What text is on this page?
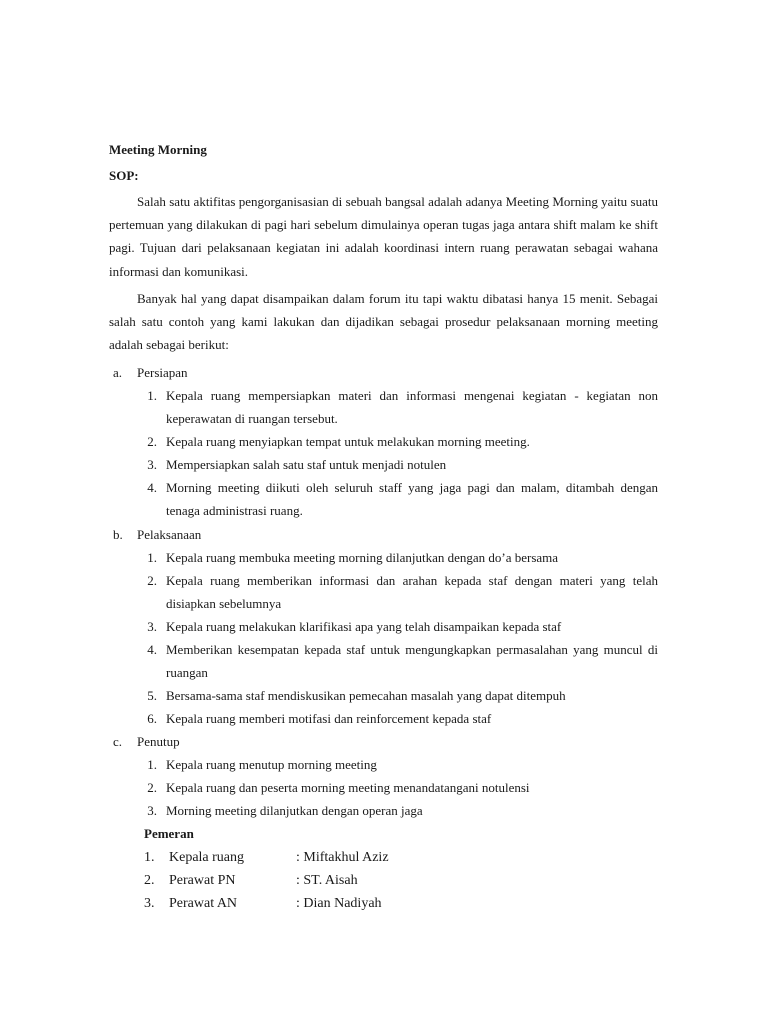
Meeting Morning
SOP:

Salah satu aktifitas pengorganisasian di sebuah bangsal adalah adanya Meeting Morning yaitu suatu pertemuan yang dilakukan di pagi hari sebelum dimulainya operan tugas jaga antara shift malam ke shift pagi. Tujuan dari pelaksanaan kegiatan ini adalah koordinasi intern ruang perawatan sebagai wahana informasi dan komunikasi.

Banyak hal yang dapat disampaikan dalam forum itu tapi waktu dibatasi hanya 15 menit. Sebagai salah satu contoh yang kami lakukan dan dijadikan sebagai prosedur pelaksanaan morning meeting adalah sebagai berikut:

a. Persiapan
1. Kepala ruang mempersiapkan materi dan informasi mengenai kegiatan - kegiatan non keperawatan di ruangan tersebut.
2. Kepala ruang menyiapkan tempat untuk melakukan morning meeting.
3. Mempersiapkan salah satu staf untuk menjadi notulen
4. Morning meeting diikuti oleh seluruh staff yang jaga pagi dan malam, ditambah dengan tenaga administrasi ruang.
b. Pelaksanaan
1. Kepala ruang membuka meeting morning dilanjutkan dengan do’a bersama
2. Kepala ruang memberikan informasi dan arahan kepada staf dengan materi yang telah disiapkan sebelumnya
3. Kepala ruang melakukan klarifikasi apa yang telah disampaikan kepada staf
4. Memberikan kesempatan kepada staf untuk mengungkapkan permasalahan yang muncul di ruangan
5. Bersama-sama staf mendiskusikan pemecahan masalah yang dapat ditempuh
6. Kepala ruang memberi motifasi dan reinforcement kepada staf
c. Penutup
1. Kepala ruang menutup morning meeting
2. Kepala ruang dan peserta morning meeting menandatangani notulensi
3. Morning meeting dilanjutkan dengan operan jaga
Pemeran
1. Kepala ruang	: Miftakhul Aziz
2. Perawat PN	: ST. Aisah
3. Perawat AN	: Dian Nadiyah
